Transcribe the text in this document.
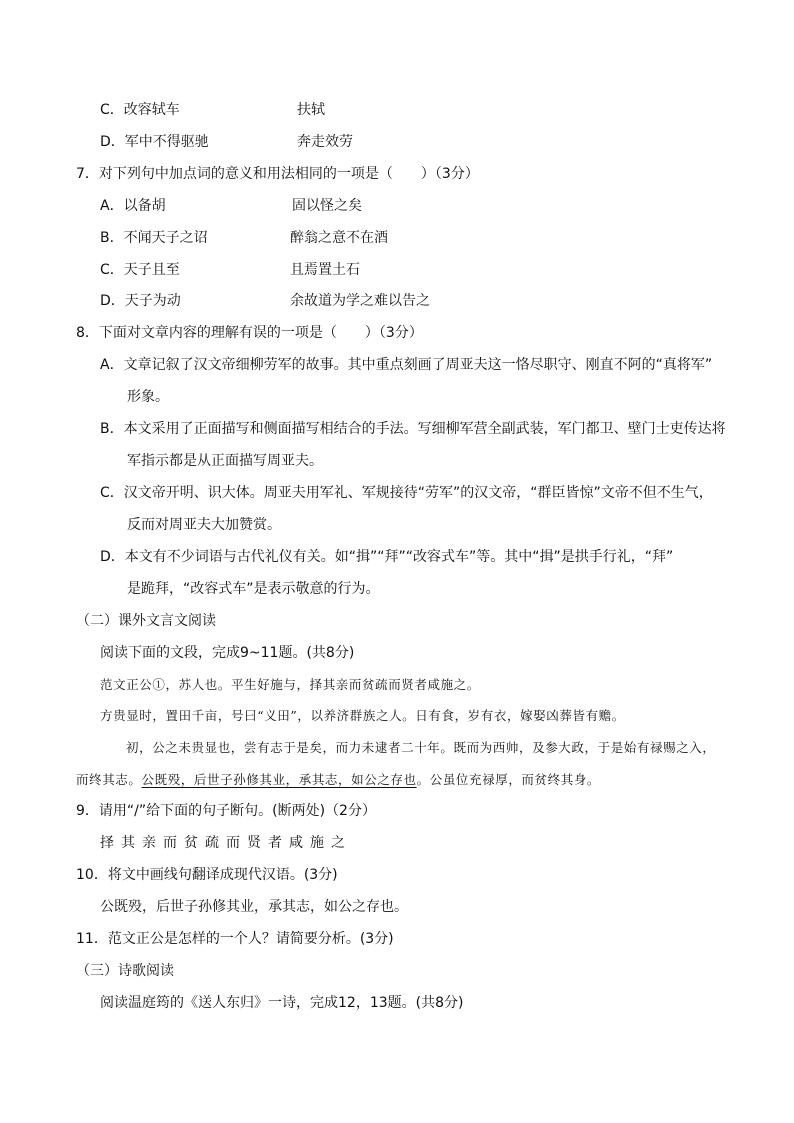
C．改容轼车	扶轼
D．军中不得驱驰	奔走效劳
7．对下列句中加点词的意义和用法相同的一项是（　　）（3分）
A．以备胡	固以怪之矣
B．不闻天子之诏	醉翁之意不在酒
C．天子且至	且焉置土石
D．天子为动	余故道为学之难以告之
8．下面对文章内容的理解有误的一项是（　　）（3分）
A．文章记叙了汉文帝细柳劳军的故事。其中重点刻画了周亚夫这一恪尽职守、刚直不阿的“真将军”
形象。
B．本文采用了正面描写和侧面描写相结合的手法。写细柳军营全副武装，军门都卫、壁门士吏传达将
军指示都是从正面描写周亚夫。
C．汉文帝开明、识大体。周亚夫用军礼、军规接待“劳军”的汉文帝，“群臣皆惊”文帝不但不生气，
反而对周亚夫大加赞赏。
D．本文有不少词语与古代礼仪有关。如“揖”“拜”“改容式车”等。其中“揖”是拱手行礼，“拜”
是跪拜，“改容式车”是表示敬意的行为。
（二）课外文言文阅读
阅读下面的文段，完成9~11题。(共8分)
范文正公①，苏人也。平生好施与，择其亲而贫疏而贤者咸施之。
方贵显时，置田千亩，号曰“义田”，以养济群族之人。日有食，岁有衣，嫁娶凶葬皆有赡。
初，公之未贵显也，尝有志于是矣，而力未逮者二十年。既而为西帅，及参大政，于是始有禄赐之入，
而终其志。公既殁，后世子孙修其业，承其志，如公之存也。公虽位充禄厚，而贫终其身。
9．请用“/”给下面的句子断句。(断两处)（2分）
择其亲而贫疏而贤者咸施之
10．将文中画线句翻译成现代汉语。(3分)
公既殁，后世子孙修其业，承其志，如公之存也。
11．范文正公是怎样的一个人？请简要分析。(3分)
（三）诗歌阅读
阅读温庭筠的《送人东归》一诗，完成12，13题。(共8分)
